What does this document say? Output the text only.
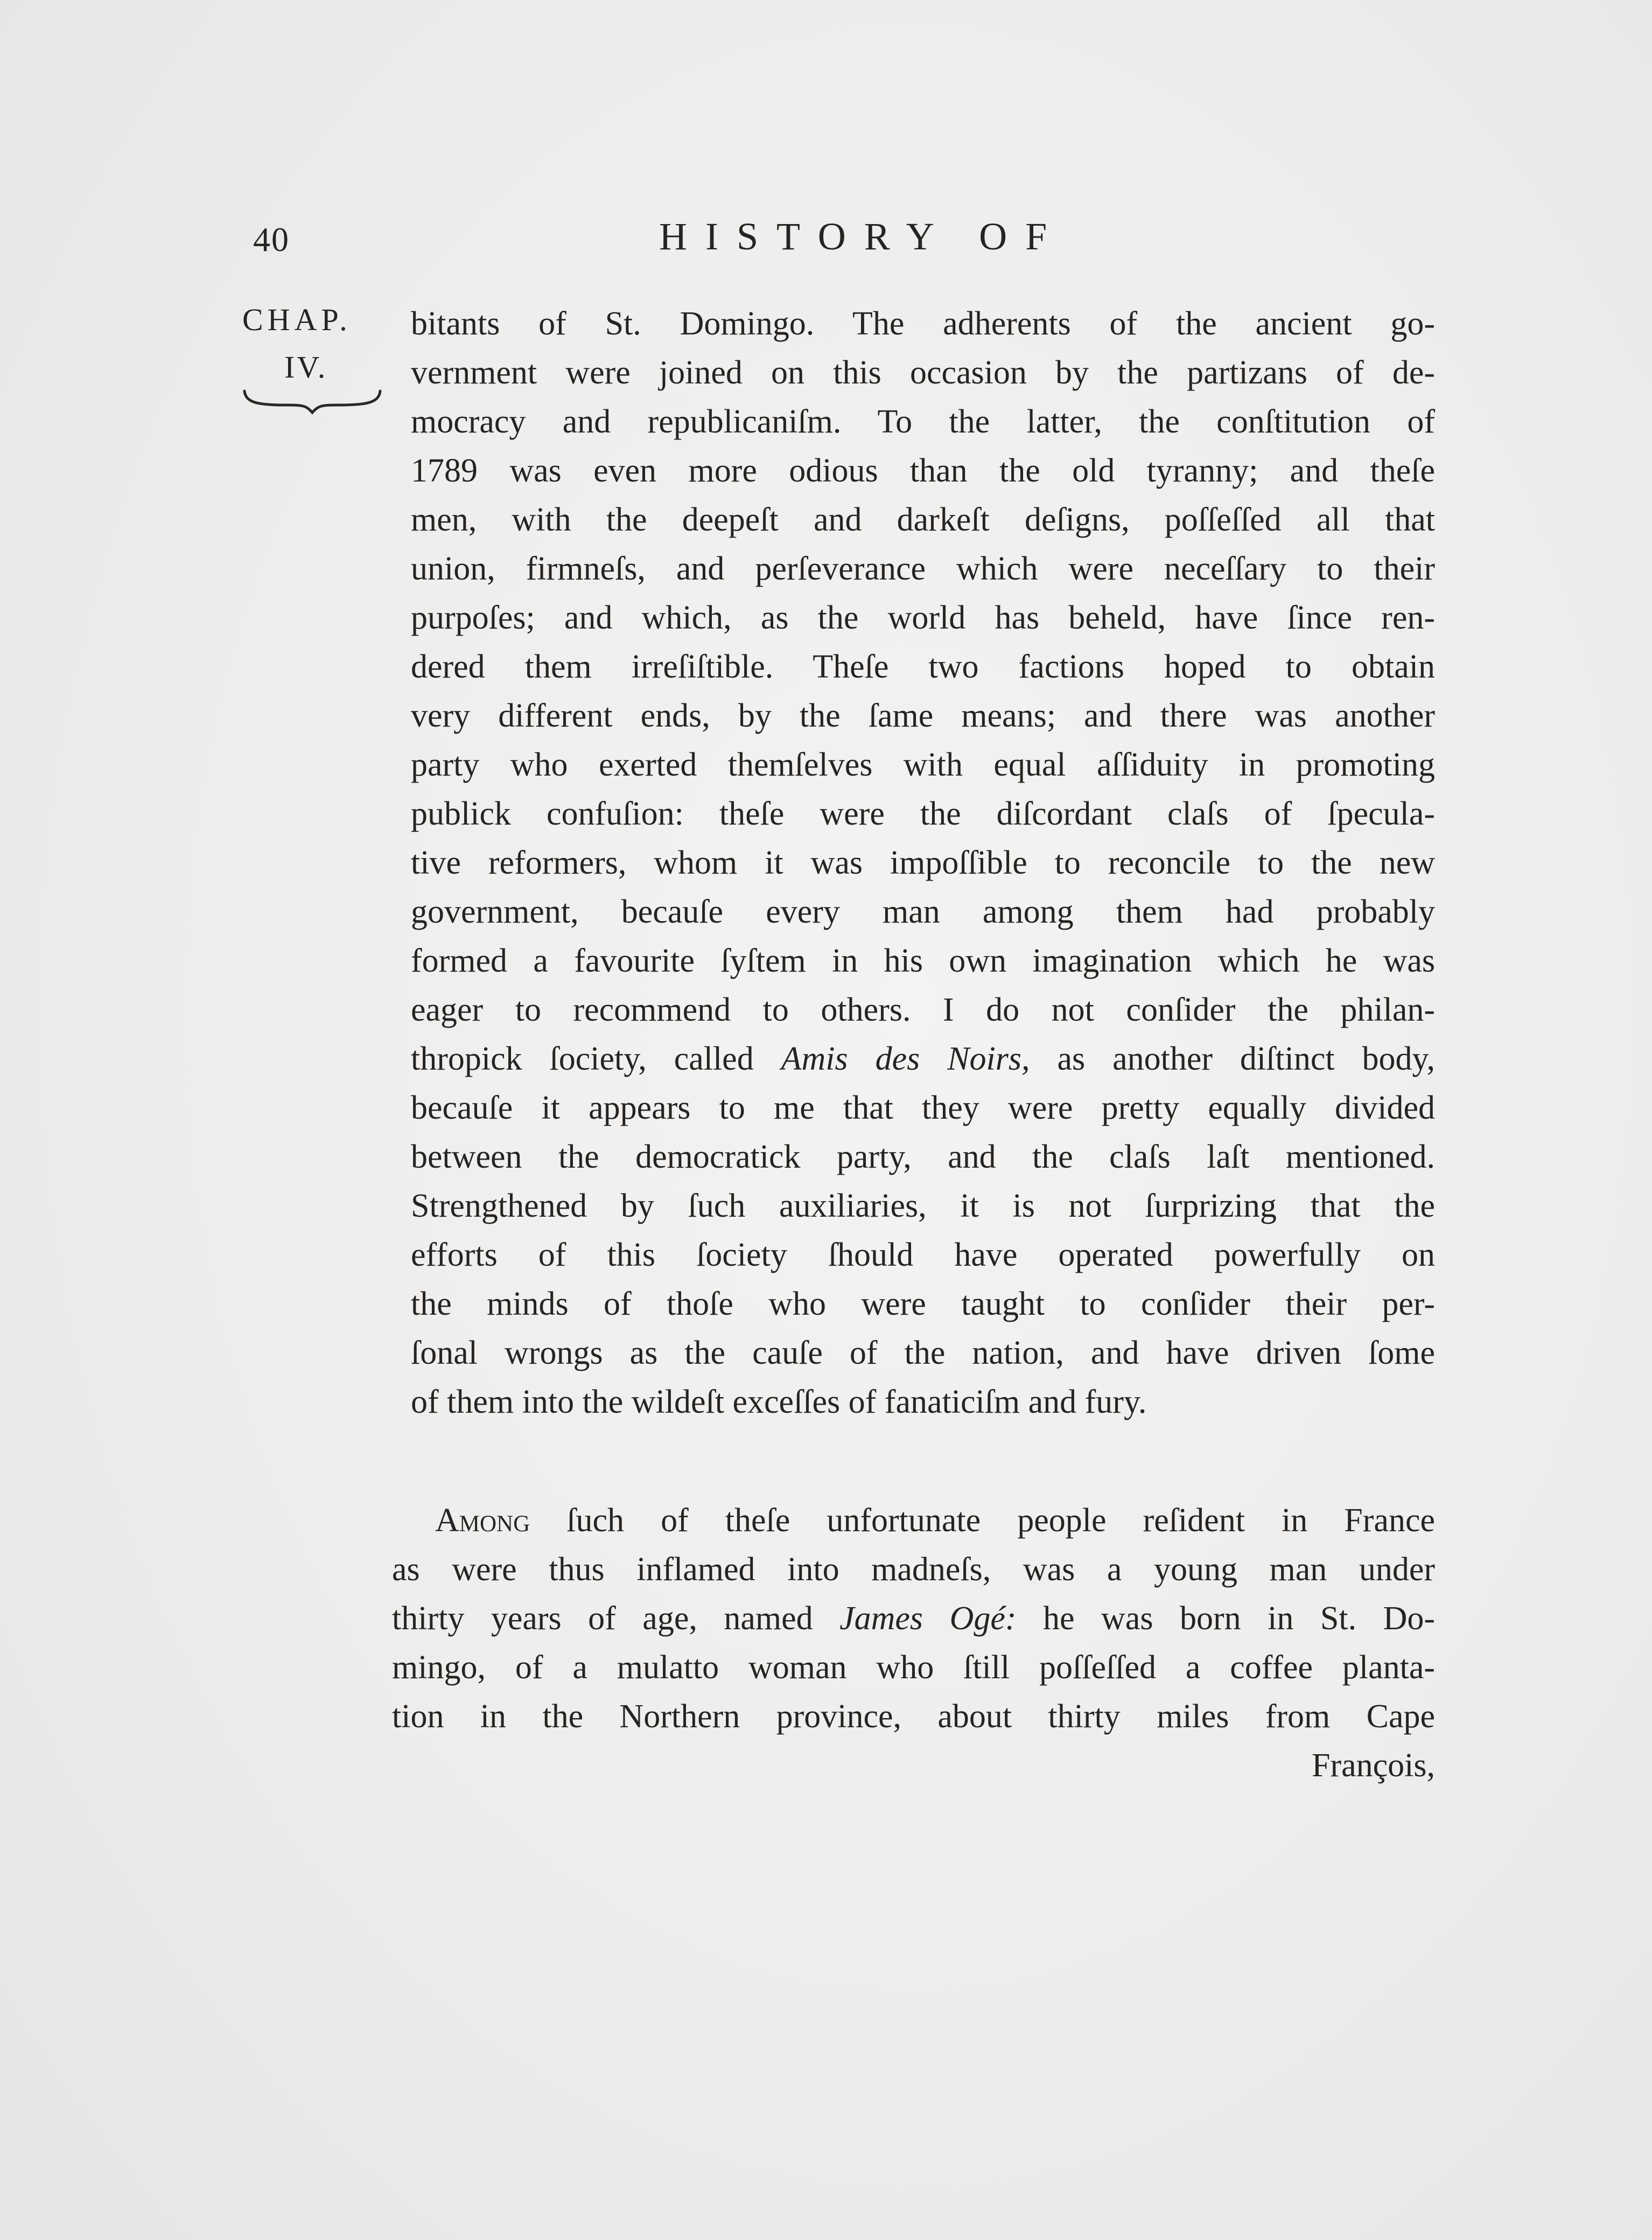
40	HISTORY OF
CHAP.
IV.
bitants of St. Domingo. The adherents of the ancient go-
vernment were joined on this occasion by the partizans of de-
mocracy and republicaniſm. To the latter, the conſtitution of
1789 was even more odious than the old tyranny; and theſe
men, with the deepeſt and darkeſt deſigns, poſſeſſed all that
union, firmneſs, and perſeverance which were neceſſary to their
purpoſes; and which, as the world has beheld, have ſince ren-
dered them irreſiſtible. Theſe two factions hoped to obtain
very different ends, by the ſame means; and there was another
party who exerted themſelves with equal aſſiduity in promoting
publick confuſion: theſe were the diſcordant claſs of ſpecula-
tive reformers, whom it was impoſſible to reconcile to the new
government, becauſe every man among them had probably
formed a favourite ſyſtem in his own imagination which he was
eager to recommend to others. I do not conſider the philan-
thropick ſociety, called Amis des Noirs, as another diſtinct body,
becauſe it appears to me that they were pretty equally divided
between the democratick party, and the claſs laſt mentioned.
Strengthened by ſuch auxiliaries, it is not ſurprizing that the
efforts of this ſociety ſhould have operated powerfully on
the minds of thoſe who were taught to conſider their per-
ſonal wrongs as the cauſe of the nation, and have driven ſome
of them into the wildeſt exceſſes of fanaticiſm and fury.
Among ſuch of theſe unfortunate people reſident in France
as were thus inflamed into madneſs, was a young man under
thirty years of age, named James Ogé: he was born in St. Do-
mingo, of a mulatto woman who ſtill poſſeſſed a coffee planta-
tion in the Northern province, about thirty miles from Cape
François,
